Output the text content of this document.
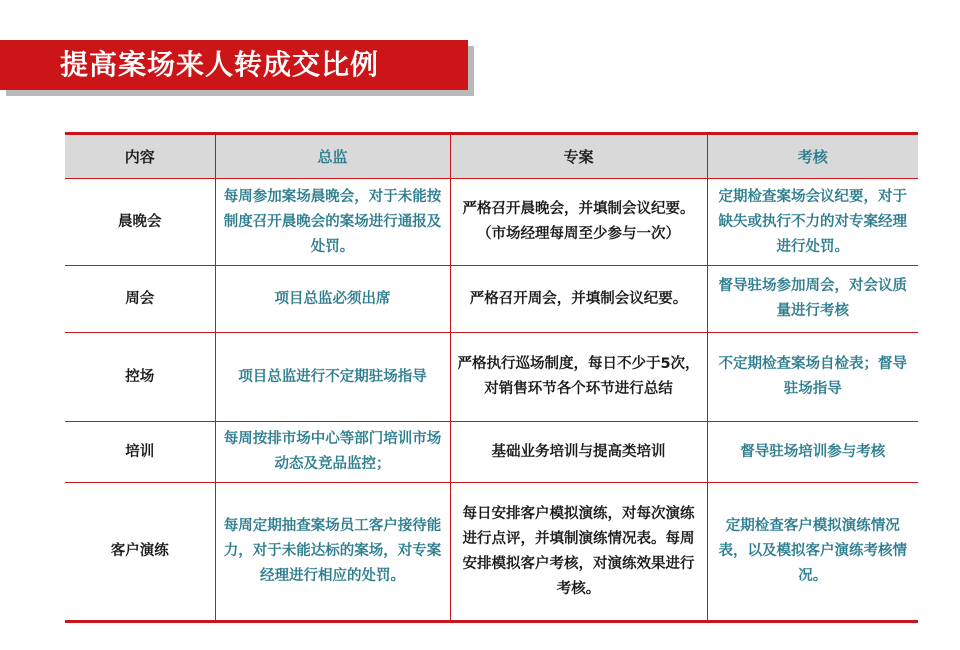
提高案场来人转成交比例
内容	总监	专案	考核
晨晚会	每周参加案场晨晚会，对于未能按制度召开晨晚会的案场进行通报及处罚。	严格召开晨晚会，并填制会议纪要。（市场经理每周至少参与一次）	定期检查案场会议纪要，对于缺失或执行不力的对专案经理进行处罚。
周会	项目总监必须出席	严格召开周会，并填制会议纪要。	督导驻场参加周会，对会议质量进行考核
控场	项目总监进行不定期驻场指导	严格执行巡场制度，每日不少于5次，对销售环节各个环节进行总结	不定期检查案场自检表；督导驻场指导
培训	每周按排市场中心等部门培训市场动态及竞品监控；	基础业务培训与提高类培训	督导驻场培训参与考核
客户演练	每周定期抽查案场员工客户接待能力，对于未能达标的案场，对专案经理进行相应的处罚。	每日安排客户模拟演练，对每次演练进行点评，并填制演练情况表。每周安排模拟客户考核，对演练效果进行考核。	定期检查客户模拟演练情况表，以及模拟客户演练考核情况。
